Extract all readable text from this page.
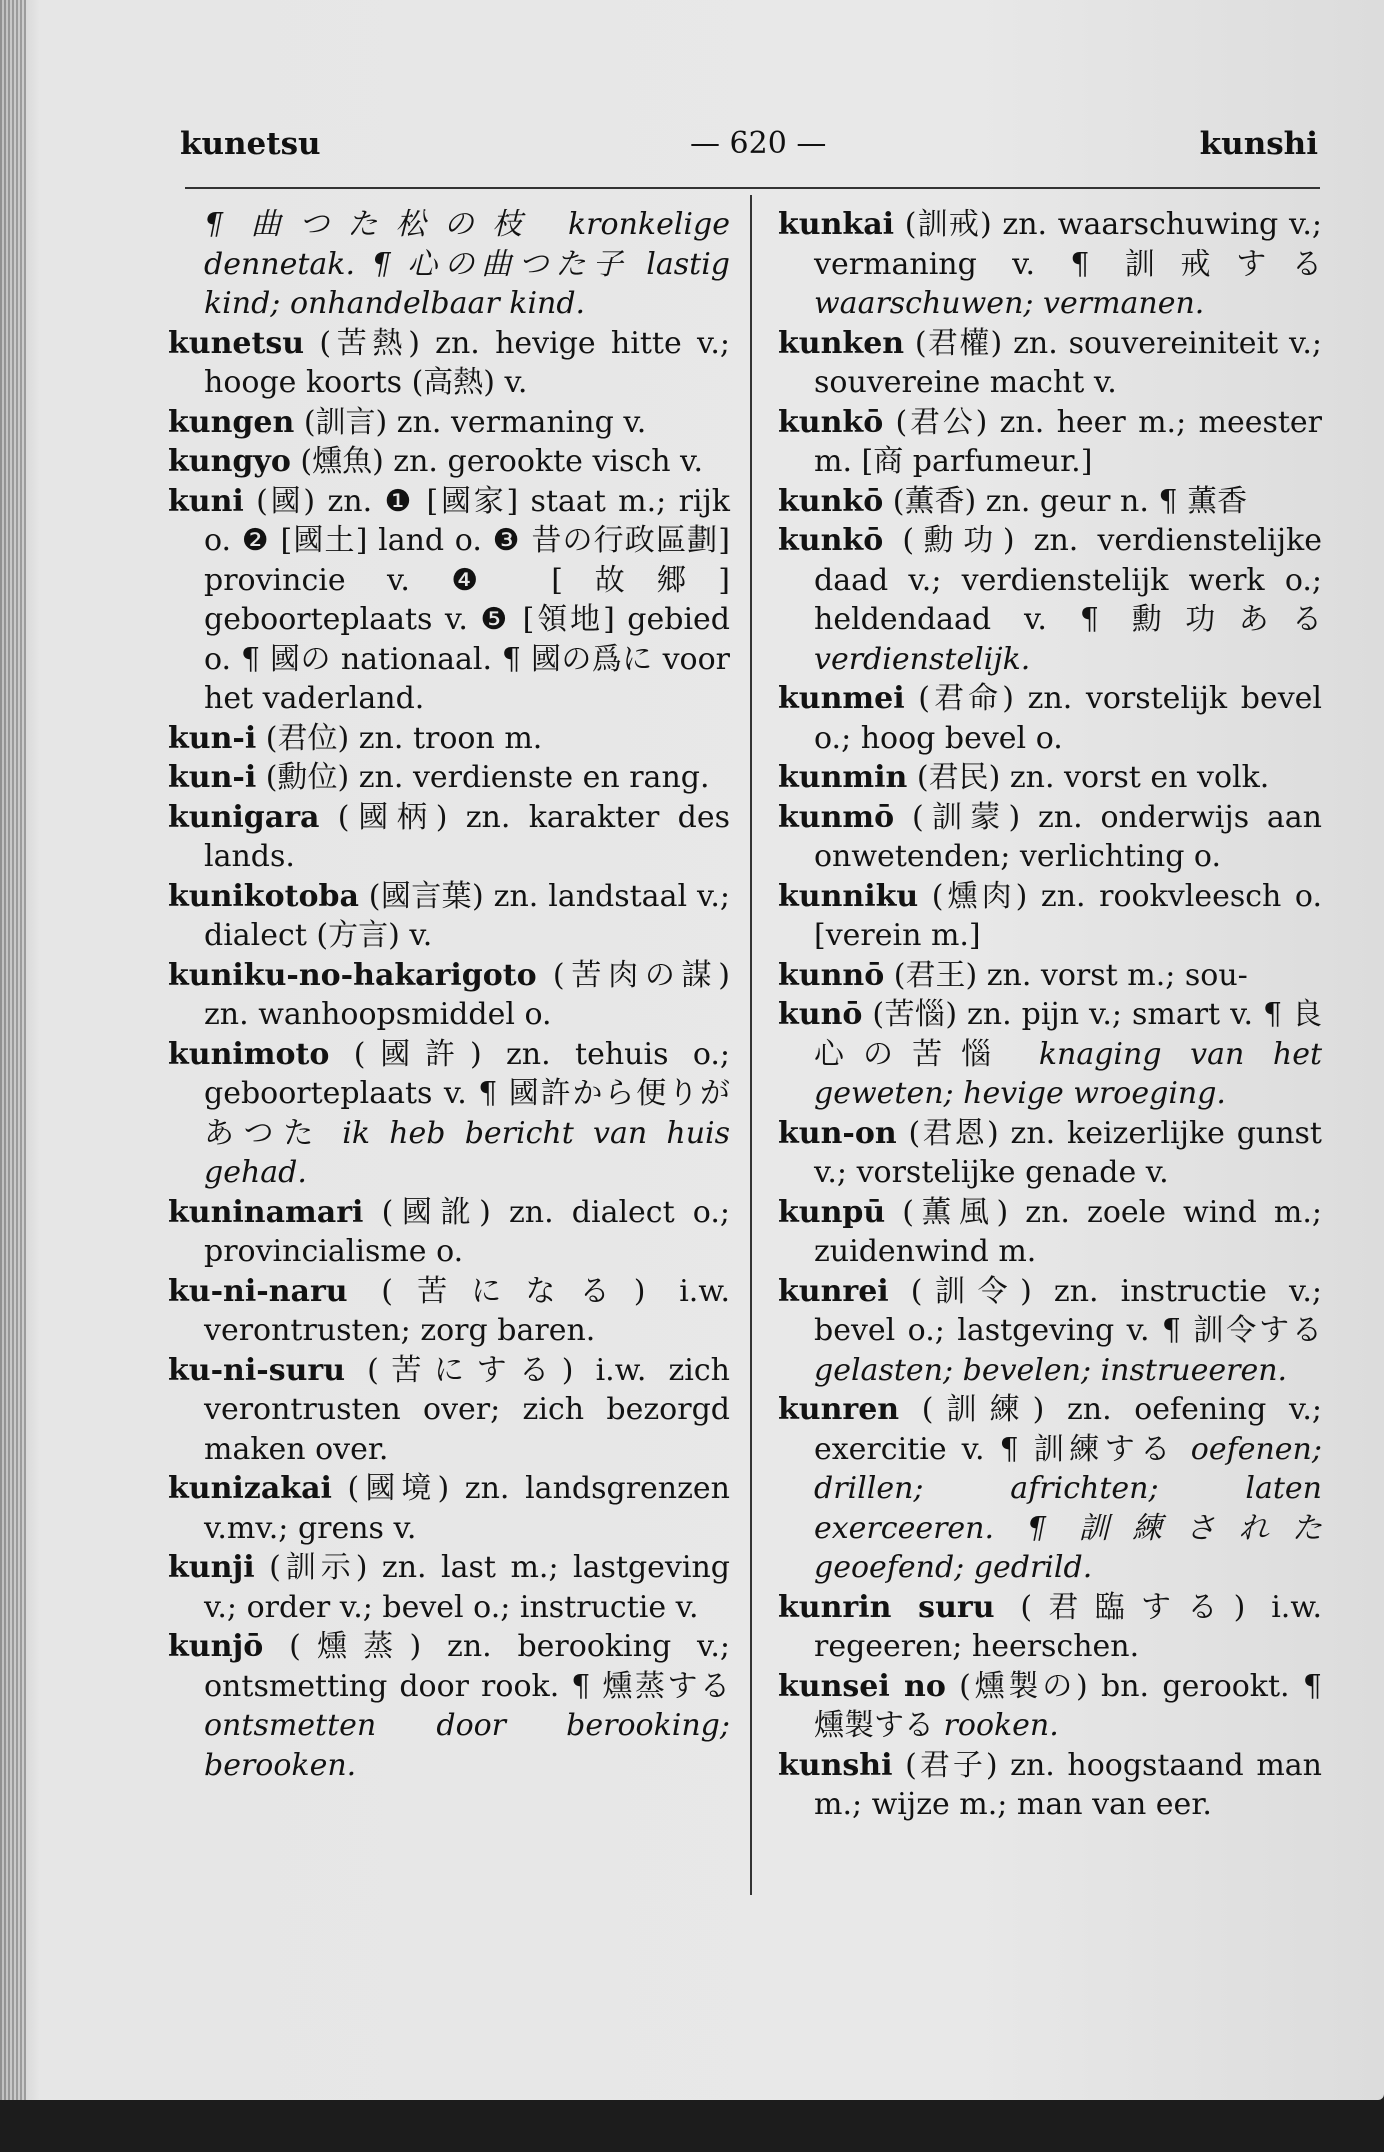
kunetsu	— 620 —	kunshi

¶ 曲つた松の枝 kronkelige dennetak. ¶ 心の曲つた子 lastig kind; onhandelbaar kind.

kunetsu (苦熱) zn. hevige hitte v.; hooge koorts (高熱) v.

kungen (訓言) zn. vermaning v.

kungyo (燻魚) zn. gerookte visch v.

kuni (國) zn. ❶ [國家] staat m.; rijk o. ❷ [國土] land o. ❸ 昔の行政區劃] provincie v. ❹ [故郷] geboorteplaats v. ❺ [領地] gebied o. ¶ 國の nationaal. ¶ 國の爲に voor het vaderland.

kun-i (君位) zn. troon m.

kun-i (勳位) zn. verdienste en rang.

kunigara (國柄) zn. karakter des lands.

kunikotoba (國言葉) zn. landstaal v.; dialect (方言) v.

kuniku-no-hakarigoto (苦肉の謀) zn. wanhoopsmiddel o.

kunimoto (國許) zn. tehuis o.; geboorteplaats v. ¶ 國許から便りがあつた ik heb bericht van huis gehad.

kuninamari (國訛) zn. dialect o.; provincialisme o.

ku-ni-naru (苦になる) i.w. verontrusten; zorg baren.

ku-ni-suru (苦にする) i.w. zich verontrusten over; zich bezorgd maken over.

kunizakai (國境) zn. landsgrenzen v.mv.; grens v.

kunji (訓示) zn. last m.; lastgeving v.; order v.; bevel o.; instructie v.

kunjō (燻蒸) zn. berooking v.; ontsmetting door rook. ¶ 燻蒸する ontsmetten door berooking; berooken.

kunkai (訓戒) zn. waarschuwing v.; vermaning v. ¶ 訓戒する waarschuwen; vermanen.

kunken (君權) zn. souvereiniteit v.; souvereine macht v.

kunkō (君公) zn. heer m.; meester m. [商 parfumeur.]

kunkō (薫香) zn. geur n. ¶ 薫香

kunkō (勳功) zn. verdienstelijke daad v.; verdienstelijk werk o.; heldendaad v. ¶ 勳功ある verdienstelijk.

kunmei (君命) zn. vorstelijk bevel o.; hoog bevel o.

kunmin (君民) zn. vorst en volk.

kunmō (訓蒙) zn. onderwijs aan onwetenden; verlichting o.

kunniku (燻肉) zn. rookvleesch o. [verein m.]

kunnō (君王) zn. vorst m.; sou-

kunō (苦惱) zn. pijn v.; smart v. ¶ 良心の苦惱 knaging van het geweten; hevige wroeging.

kun-on (君恩) zn. keizerlijke gunst v.; vorstelijke genade v.

kunpū (薫風) zn. zoele wind m.; zuidenwind m.

kunrei (訓令) zn. instructie v.; bevel o.; lastgeving v. ¶ 訓令する gelasten; bevelen; instrueeren.

kunren (訓練) zn. oefening v.; exercitie v. ¶ 訓練する oefenen; drillen; africhten; laten exerceeren. ¶ 訓練された geoefend; gedrild.

kunrin suru (君臨する) i.w. regeeren; heerschen.

kunsei no (燻製の) bn. gerookt. ¶ 燻製する rooken.

kunshi (君子) zn. hoogstaand man m.; wijze m.; man van eer.
